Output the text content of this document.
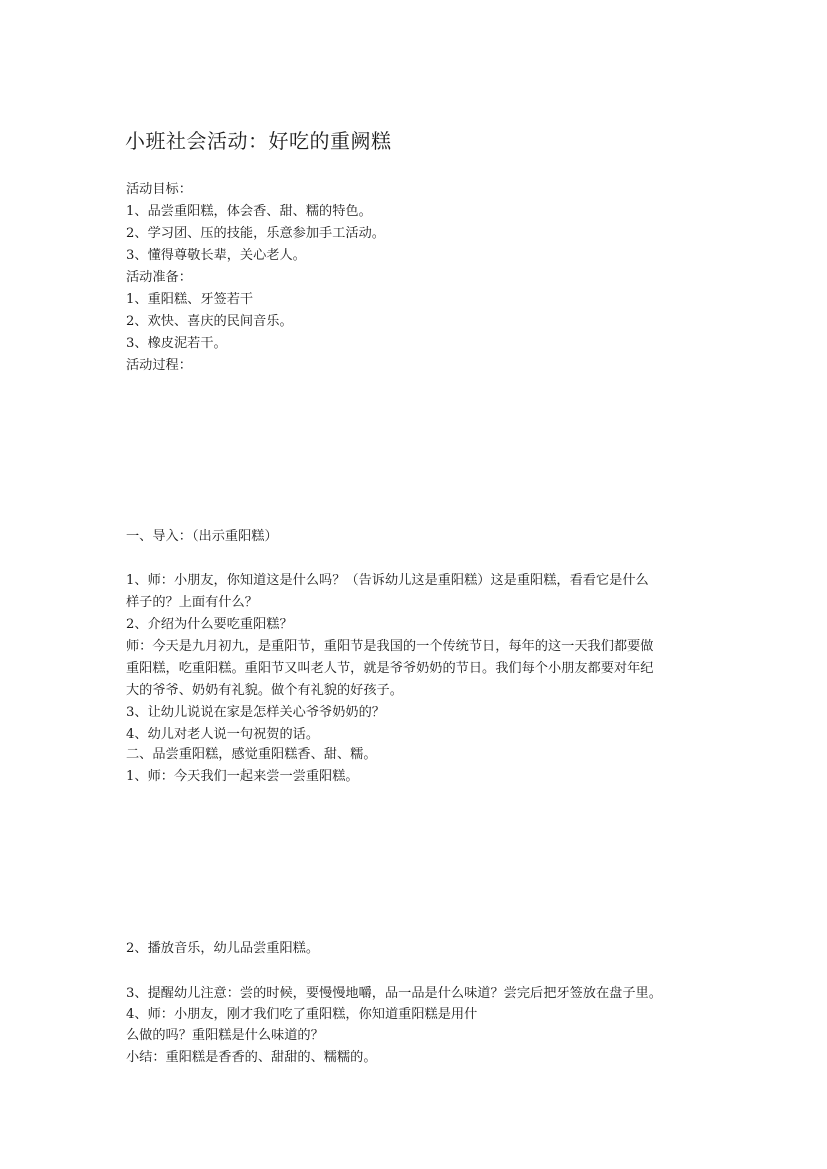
小班社会活动：好吃的重阙糕

活动目标：

1、品尝重阳糕，体会香、甜、糯的特色。

2、学习团、压的技能，乐意参加手工活动。

3、懂得尊敬长辈，关心老人。

活动准备：

1、重阳糕、牙签若干

2、欢快、喜庆的民间音乐。

3、橡皮泥若干。

活动过程：

一、导入：（出示重阳糕）

1、师：小朋友，你知道这是什么吗？（告诉幼儿这是重阳糕）这是重阳糕，看看它是什么

样子的？上面有什么？

2、介绍为什么要吃重阳糕？

师：今天是九月初九，是重阳节，重阳节是我国的一个传统节日，每年的这一天我们都要做

重阳糕，吃重阳糕。重阳节又叫老人节，就是爷爷奶奶的节日。我们每个小朋友都要对年纪

大的爷爷、奶奶有礼貌。做个有礼貌的好孩子。

3、让幼儿说说在家是怎样关心爷爷奶奶的？

4、幼儿对老人说一句祝贺的话。

二、品尝重阳糕，感觉重阳糕香、甜、糯。

1、师：今天我们一起来尝一尝重阳糕。

2、播放音乐，幼儿品尝重阳糕。

3、提醒幼儿注意：尝的时候，要慢慢地嚼，品一品是什么味道？尝完后把牙签放在盘子里。

4、师：小朋友，刚才我们吃了重阳糕，你知道重阳糕是用什

么做的吗？重阳糕是什么味道的？

小结：重阳糕是香香的、甜甜的、糯糯的。
